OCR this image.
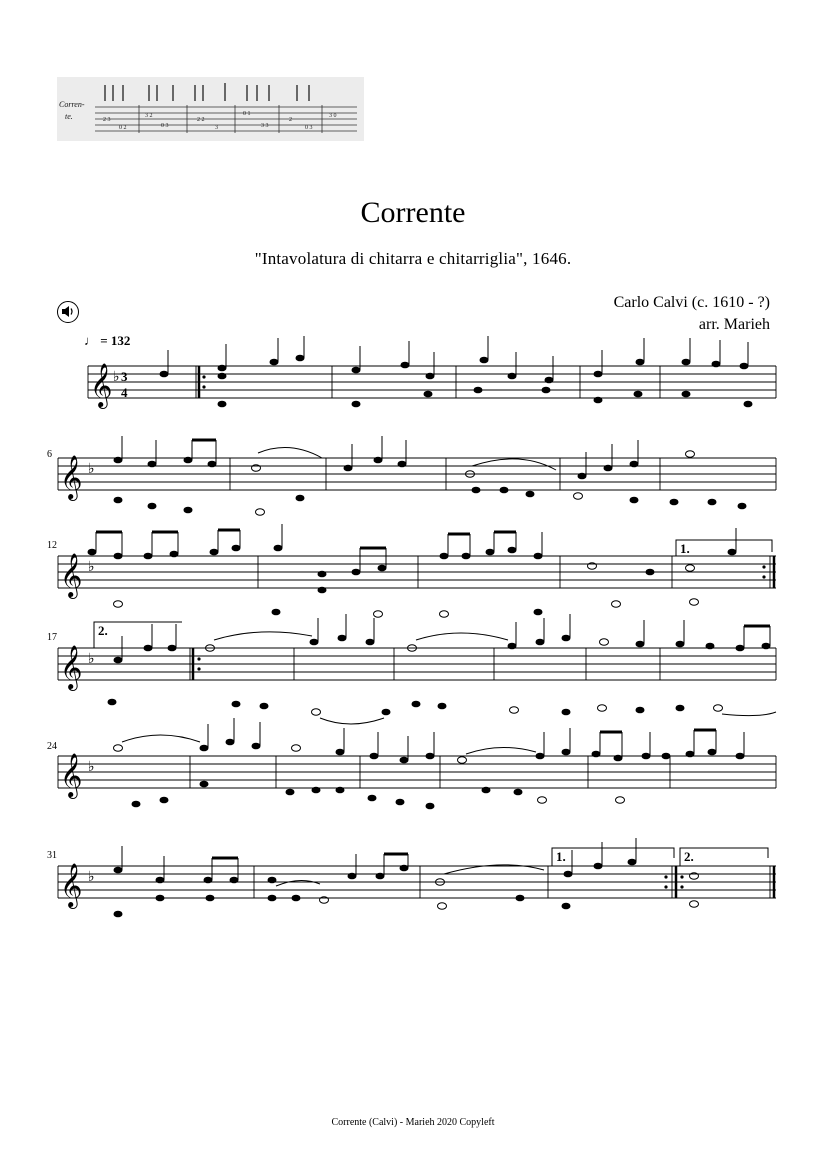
2 3
0 2
3 2
0 3
2 2
3
0 1
3 3
2
0 3
3 0
Corren-
te.
Corrente
"Intavolatura di chitarra e chitarriglia", 1646.
Carlo Calvi (c. 1610 - ?)
arr. Marieh
♩ = 132
𝄞 ♭ 3
4
6
𝄞 ♭
12
𝄞 ♭
1.
17
𝄞 ♭
2.
24
𝄞 ♭
31
𝄞 ♭
1.	2.
Corrente (Calvi) - Marieh 2020 Copyleft
